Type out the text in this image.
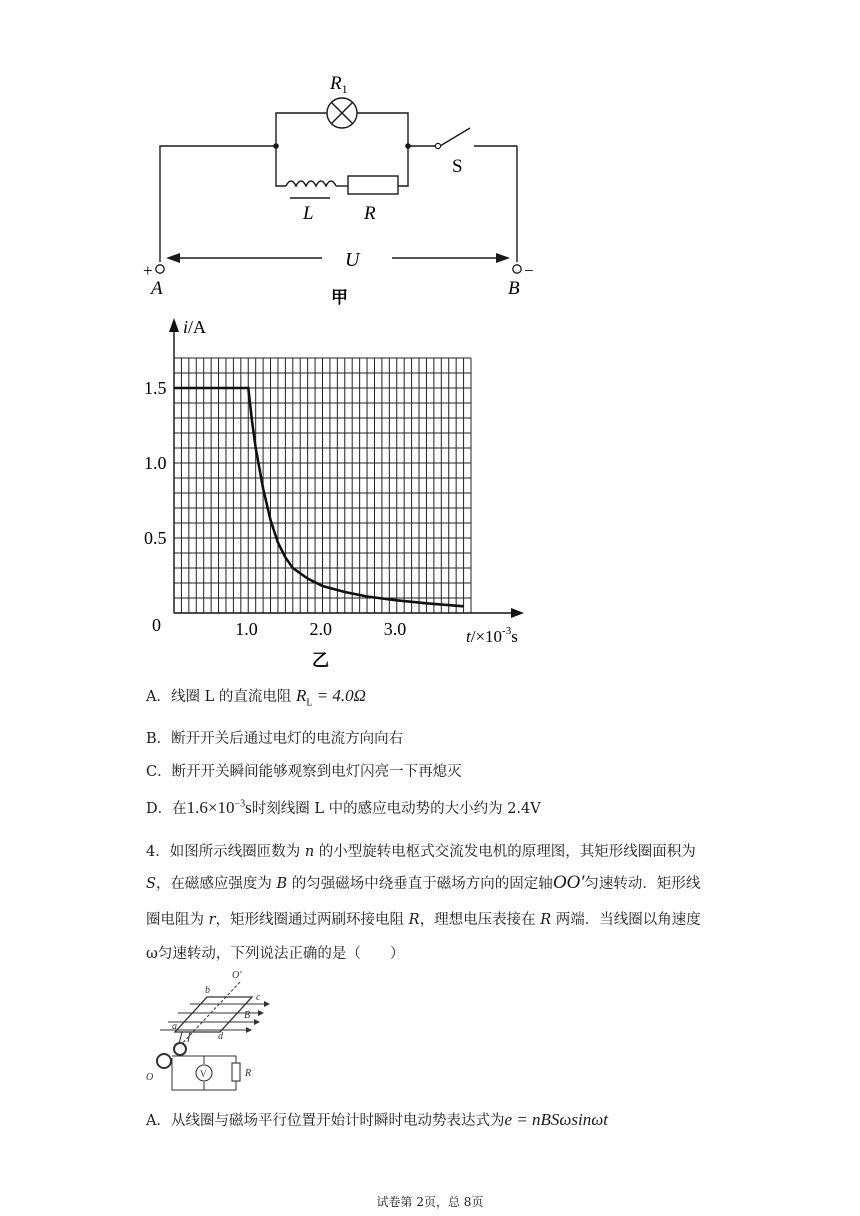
$R_1$
L	R
S
U
+	−
A	B
甲
1.0	2.0	3.0
0
0.5
1.0
1.5
i/A
$t/\times 10^{-3}s$
乙
A．线圈 L 的直流电阻 $R_L = 4.0\Omega$
B．断开开关后通过电灯的电流方向向右
C．断开开关瞬间能够观察到电灯闪亮一下再熄灭
D．在$1.6\times 10^{-3}s$时刻线圈 L 中的感应电动势的大小约为 2.4V
4．如图所示线圈匝数为 n 的小型旋转电枢式交流发电机的原理图，其矩形线圈面积为
S，在磁感应强度为 B 的匀强磁场中绕垂直于磁场方向的固定轴OO′匀速转动．矩形线
圈电阻为 r，矩形线圈通过两刷环接电阻 R，理想电压表接在 R 两端．当线圈以角速度
ω匀速转动，下列说法正确的是（　　）
O′
b
c
B
a
d
O	V	R
A．从线圈与磁场平行位置开始计时瞬时电动势表达式为e = nBSωsinωt
试卷第 2页，总 8页
